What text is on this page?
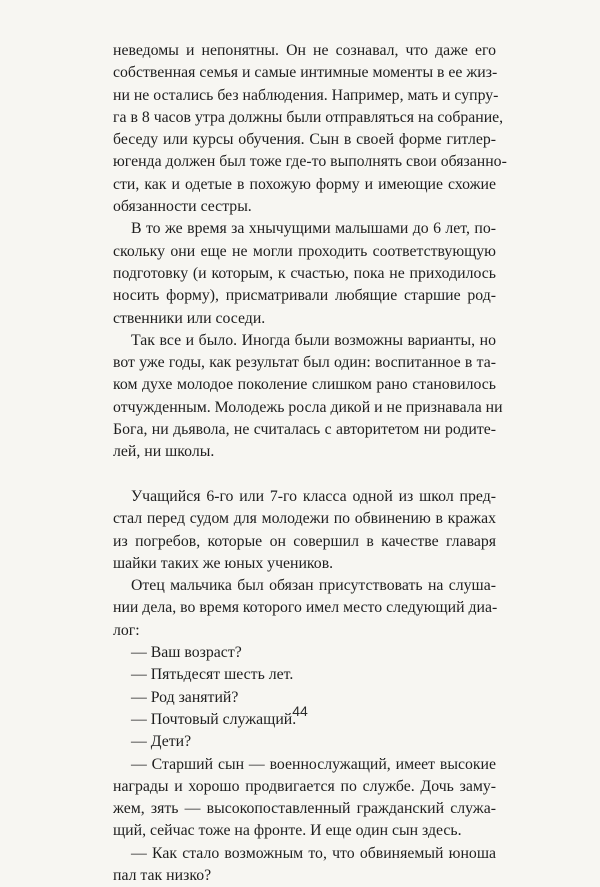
неведомы и непонятны. Он не сознавал, что даже его
собственная семья и самые интимные моменты в ее жиз-
ни не остались без наблюдения. Например, мать и супру-
га в 8 часов утра должны были отправляться на собрание,
беседу или курсы обучения. Сын в своей форме гитлер-
югенда должен был тоже где-то выполнять свои обязанно-
сти, как и одетые в похожую форму и имеющие схожие
обязанности сестры.
В то же время за хнычущими малышами до 6 лет, по-
скольку они еще не могли проходить соответствующую
подготовку (и которым, к счастью, пока не приходилось
носить форму), присматривали любящие старшие род-
ственники или соседи.
Так все и было. Иногда были возможны варианты, но
вот уже годы, как результат был один: воспитанное в та-
ком духе молодое поколение слишком рано становилось
отчужденным. Молодежь росла дикой и не признавала ни
Бога, ни дьявола, не считалась с авторитетом ни родите-
лей, ни школы.
Учащийся 6-го или 7-го класса одной из школ пред-
стал перед судом для молодежи по обвинению в кражах
из погребов, которые он совершил в качестве главаря
шайки таких же юных учеников.
Отец мальчика был обязан присутствовать на слуша-
нии дела, во время которого имел место следующий диа-
лог:
— Ваш возраст?
— Пятьдесят шесть лет.
— Род занятий?
— Почтовый служащий.
— Дети?
— Старший сын — военнослужащий, имеет высокие
награды и хорошо продвигается по службе. Дочь заму-
жем, зять — высокопоставленный гражданский служа-
щий, сейчас тоже на фронте. И еще один сын здесь.
— Как стало возможным то, что обвиняемый юноша
пал так низко?
44
